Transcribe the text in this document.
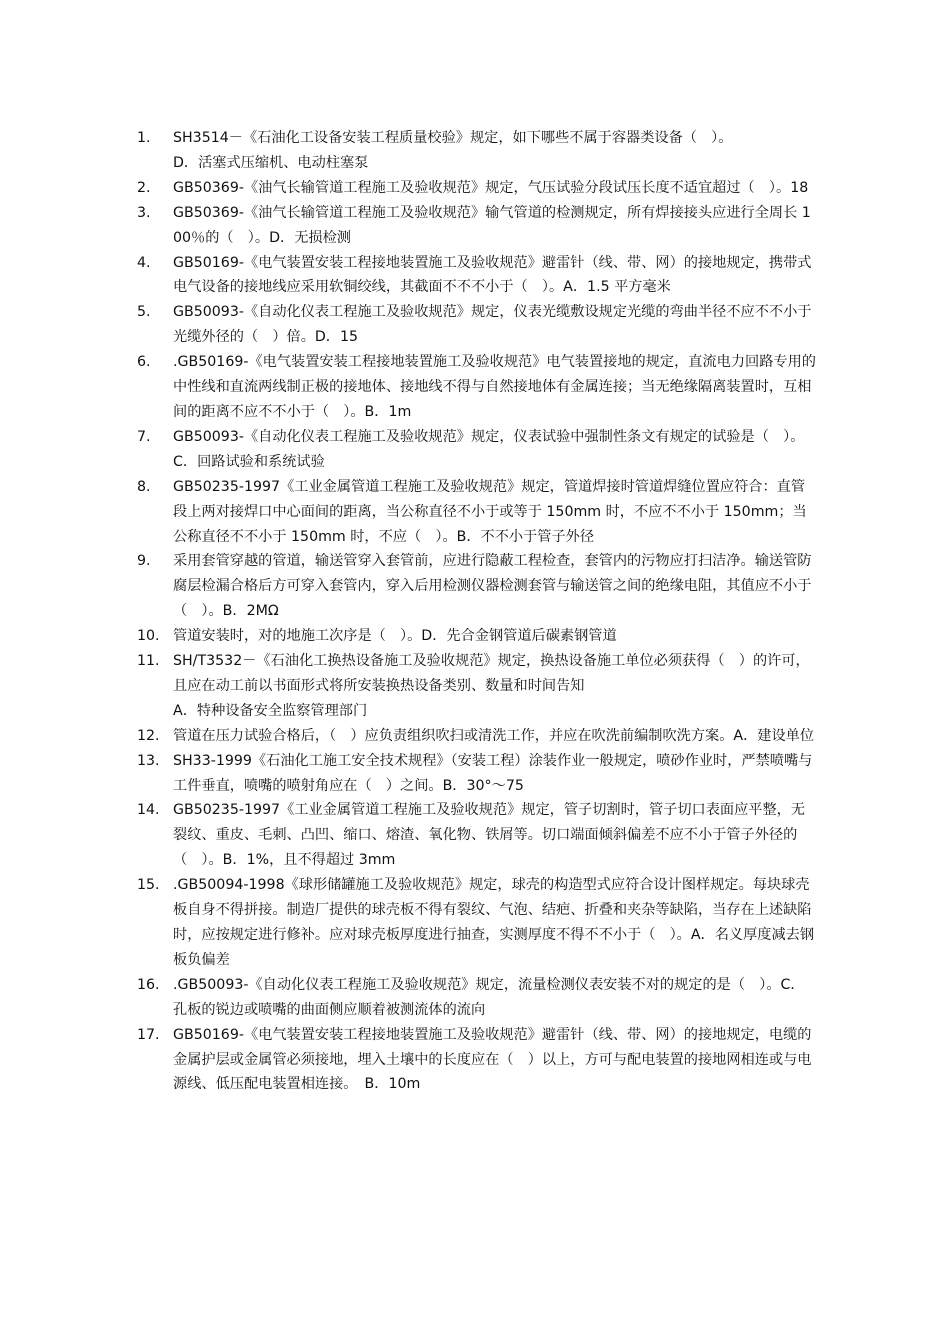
1.	SH3514－《石油化工设备安装工程质量校验》规定，如下哪些不属于容器类设备（　）。
D．活塞式压缩机、电动柱塞泵
2.	GB50369-《油气长输管道工程施工及验收规范》规定，气压试验分段试压长度不适宜超过（　）。18
3.	GB50369-《油气长输管道工程施工及验收规范》输气管道的检测规定，所有焊接接头应进行全周长 100％的（　）。D．无损检测
4.	GB50169-《电气装置安装工程接地装置施工及验收规范》避雷针（线、带、网）的接地规定，携带式电气设备的接地线应采用软铜绞线，其截面不不不小于（　）。A．1.5 平方毫米
5.	GB50093-《自动化仪表工程施工及验收规范》规定，仪表光缆敷设规定光缆的弯曲半径不应不不小于光缆外径的（　）倍。D．15
6.	.GB50169-《电气装置安装工程接地装置施工及验收规范》电气装置接地的规定，直流电力回路专用的中性线和直流两线制正极的接地体、接地线不得与自然接地体有金属连接；当无绝缘隔离装置时，互相间的距离不应不不小于（　）。B．1m
7.	GB50093-《自动化仪表工程施工及验收规范》规定，仪表试验中强制性条文有规定的试验是（　）。C．回路试验和系统试验
8.	GB50235-1997《工业金属管道工程施工及验收规范》规定，管道焊接时管道焊缝位置应符合：直管段上两对接焊口中心面间的距离，当公称直径不小于或等于 150mm 时，不应不不小于 150mm；当公称直径不不小于 150mm 时，不应（　）。B．不不小于管子外径
9.	采用套管穿越的管道，输送管穿入套管前，应进行隐蔽工程检查，套管内的污物应打扫洁净。输送管防腐层检漏合格后方可穿入套管内，穿入后用检测仪器检测套管与输送管之间的绝缘电阻，其值应不小于（　）。B．2MΩ
10. 管道安装时，对的地施工次序是（　）。D．先合金钢管道后碳素钢管道
11. SH/T3532－《石油化工换热设备施工及验收规范》规定，换热设备施工单位必须获得（　）的许可，且应在动工前以书面形式将所安装换热设备类别、数量和时间告知
A．特种设备安全监察管理部门
12. 管道在压力试验合格后，（　）应负责组织吹扫或清洗工作，并应在吹洗前编制吹洗方案。A．建设单位
13. SH33-1999《石油化工施工安全技术规程》（安装工程）涂装作业一般规定，喷砂作业时，严禁喷嘴与工件垂直，喷嘴的喷射角应在（　）之间。B．30°～75
14. GB50235-1997《工业金属管道工程施工及验收规范》规定，管子切割时，管子切口表面应平整，无裂纹、重皮、毛刺、凸凹、缩口、熔渣、氧化物、铁屑等。切口端面倾斜偏差不应不小于管子外径的（　）。B．1%，且不得超过 3mm
15. .GB50094-1998《球形储罐施工及验收规范》规定，球壳的构造型式应符合设计图样规定。每块球壳板自身不得拼接。制造厂提供的球壳板不得有裂纹、气泡、结疤、折叠和夹杂等缺陷，当存在上述缺陷时，应按规定进行修补。应对球壳板厚度进行抽查，实测厚度不得不不小于（　）。A．名义厚度减去钢板负偏差
16. .GB50093-《自动化仪表工程施工及验收规范》规定，流量检测仪表安装不对的规定的是（　）。C．孔板的锐边或喷嘴的曲面侧应顺着被测流体的流向
17. GB50169-《电气装置安装工程接地装置施工及验收规范》避雷针（线、带、网）的接地规定，电缆的金属护层或金属管必须接地，埋入土壤中的长度应在（　）以上，方可与配电装置的接地网相连或与电源线、低压配电装置相连接。　B．10m
